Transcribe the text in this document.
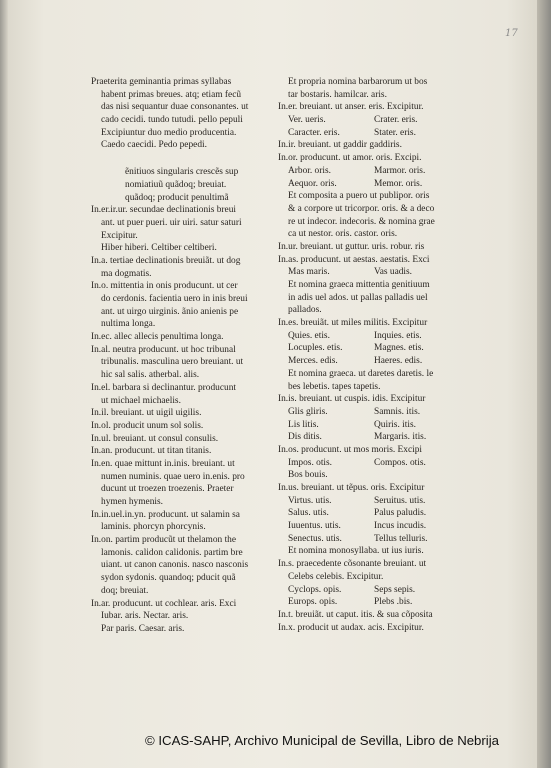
17
Praeterita geminantia primas syllabas
habent primas breues. atq; etiam fecũ
das nisi sequantur duae consonantes. ut
cado cecidi. tundo tutudi. pello pepuli
Excipiuntur duo medio producentia.
Caedo caecidi. Pedo pepedi.
ẽnitiuos singularis crescẽs sup
nomiatiuũ quãdoq; breuiat.
quãdoq; producit penultimã
In.er.ir.ur. secundae declinationis breui
ant. ut puer pueri. uir uiri. satur saturi
Excipitur.
Hiber hiberi. Celtiber celtiberi.
In.a. tertiae declinationis breuiãt. ut dog
ma dogmatis.
In.o. mittentia in onis producunt. ut cer
do cerdonis. facientia uero in inis breui
ant. ut uirgo uirginis. ãnio anienis pe
nultima longa.
In.ec. allec allecis penultima longa.
In.al. neutra producunt. ut hoc tribunal
tribunalis. masculina uero breuiant. ut
hic sal salis. atherbal. alis.
In.el. barbara si declinantur. producunt
ut michael michaelis.
In.il. breuiant. ut uigil uigilis.
In.ol. producit unum sol solis.
In.ul. breuiant. ut consul consulis.
In.an. producunt. ut titan titanis.
In.en. quae mittunt in.inis. breuiant. ut
numen numinis. quae uero in.enis. pro
ducunt ut troezen troezenis. Praeter
hymen hymenis.
In.in.uel.in.yn. producunt. ut salamin sa
laminis. phorcyn phorcynis.
In.on. partim producũt ut thelamon the
lamonis. calidon calidonis. partim bre
uiant. ut canon canonis. nasco nasconis
sydon sydonis. quandoq; pducit quã
doq; breuiat.
In.ar. producunt. ut cochlear. aris. Exci
Iubar. aris. Nectar. aris.
Par paris. Caesar. aris.
Et propria nomina barbarorum ut bos
tar bostaris. hamilcar. aris.
In.er. breuiant. ut anser. eris. Excipitur.
Ver. ueris.	Crater. eris.
Caracter. eris.	Stater. eris.
In.ir. breuiant. ut gaddir gaddiris.
In.or. producunt. ut amor. oris. Excipi.
Arbor. oris.	Marmor. oris.
Aequor. oris.	Memor. oris.
Et composita a puero ut publipor. oris
& a corpore ut tricorpor. oris. & a deco
re ut indecor. indecoris. & nomina grae
ca ut nestor. oris. castor. oris.
In.ur. breuiant. ut guttur. uris. robur. ris
In.as. producunt. ut aestas. aestatis. Exci
Mas maris.	Vas uadis.
Et nomina graeca mittentia genitiuum
in adis uel ados. ut pallas palladis uel
pallados.
In.es. breuiãt. ut miles militis. Excipitur
Quies. etis.	Inquies. etis.
Locuples. etis.	Magnes. etis.
Merces. edis.	Haeres. edis.
Et nomina graeca. ut daretes daretis. le
bes lebetis. tapes tapetis.
In.is. breuiant. ut cuspis. idis. Excipitur
Glis gliris.	Samnis. itis.
Lis litis.	Quiris. itis.
Dis ditis.	Margaris. itis.
In.os. producunt. ut mos moris. Excipi
Impos. otis.	Compos. otis.
Bos bouis.
In.us. breuiant. ut tẽpus. oris. Excipitur
Virtus. utis.	Seruitus. utis.
Salus. utis.	Palus paludis.
Iuuentus. utis.	Incus incudis.
Senectus. utis.	Tellus telluris.
Et nomina monosyllaba. ut ius iuris.
In.s. praecedente cõsonante breuiant. ut
Celebs celebis. Excipitur.
Cyclops. opis.	Seps sepis.
Europs. opis.	Plebs .bis.
In.t. breuiãt. ut caput. itis. & sua cõposita
In.x. producit ut audax. acis. Excipitur.
© ICAS-SAHP, Archivo Municipal de Sevilla, Libro de Nebrija
